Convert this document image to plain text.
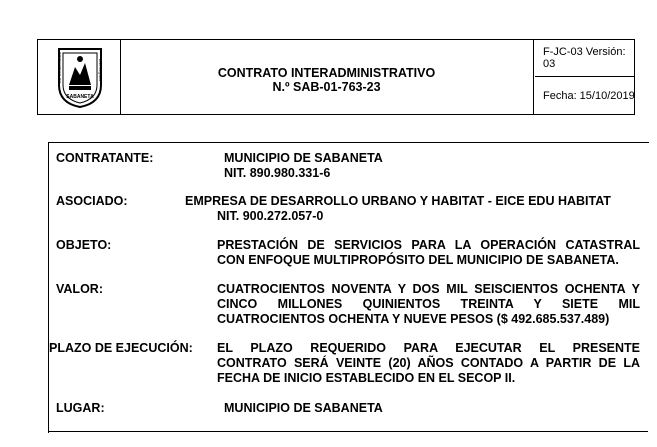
DE COMUNIDAD	ANTIOQUIA
SABANETA
CONTRATO INTERADMINISTRATIVO
N.º SAB-01-763-23
F-JC-03 Versión: 03
Fecha: 15/10/2019
CONTRATANTE:	MUNICIPIO DE SABANETA
NIT. 890.980.331-6
ASOCIADO:	EMPRESA DE DESARROLLO URBANO Y HABITAT - EICE EDU HABITAT
NIT. 900.272.057-0
OBJETO:	PRESTACIÓN DE SERVICIOS PARA LA OPERACIÓN CATASTRAL
CON ENFOQUE MULTIPROPÓSITO DEL MUNICIPIO DE SABANETA.
VALOR:	CUATROCIENTOS NOVENTA Y DOS MIL SEISCIENTOS OCHENTA Y
CINCO MILLONES QUINIENTOS TREINTA Y SIETE MIL
CUATROCIENTOS OCHENTA Y NUEVE PESOS ($ 492.685.537.489)
PLAZO DE EJECUCIÓN: EL PLAZO REQUERIDO PARA EJECUTAR EL PRESENTE
CONTRATO SERÁ VEINTE (20) AÑOS CONTADO A PARTIR DE LA
FECHA DE INICIO ESTABLECIDO EN EL SECOP II.
LUGAR:	MUNICIPIO DE SABANETA
